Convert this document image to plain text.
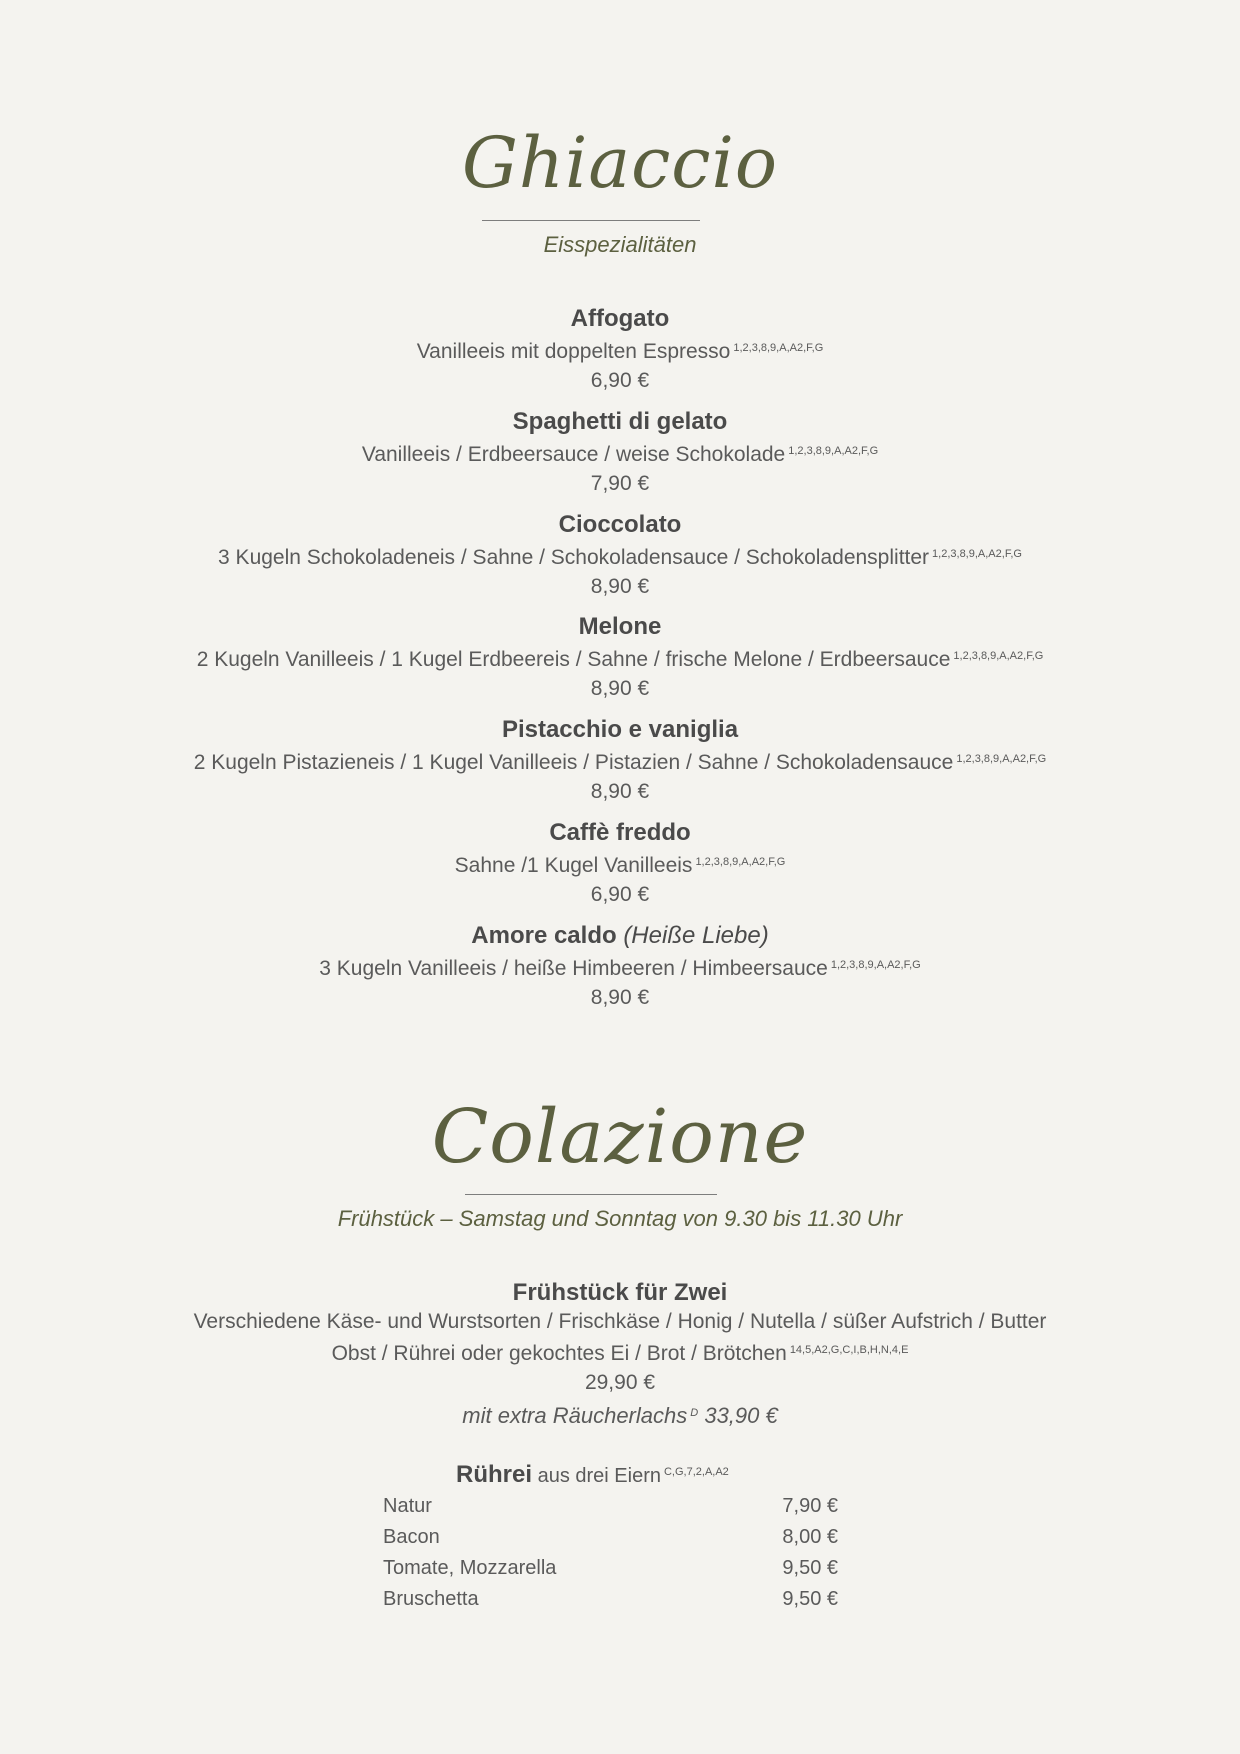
Ghiaccio
Eisspezialitäten
Affogato
Vanilleeis mit doppelten Espresso $^{1,2,3,8,9,A,A2,F,G}$
6,90 €
Spaghetti di gelato
Vanilleeis / Erdbeersauce / weise Schokolade $^{1,2,3,8,9,A,A2,F,G}$
7,90 €
Cioccolato
3 Kugeln Schokoladeneis / Sahne / Schokoladensauce / Schokoladensplitter $^{1,2,3,8,9,A,A2,F,G}$
8,90 €
Melone
2 Kugeln Vanilleeis / 1 Kugel Erdbeereis / Sahne / frische Melone / Erdbeersauce $^{1,2,3,8,9,A,A2,F,G}$
8,90 €
Pistacchio e vaniglia
2 Kugeln Pistazieneis / 1 Kugel Vanilleeis / Pistazien / Sahne / Schokoladensauce $^{1,2,3,8,9,A,A2,F,G}$
8,90 €
Caffè freddo
Sahne /1 Kugel Vanilleeis $^{1,2,3,8,9,A,A2,F,G}$
6,90 €
Amore caldo (Heiße Liebe)
3 Kugeln Vanilleeis / heiße Himbeeren / Himbeersauce $^{1,2,3,8,9,A,A2,F,G}$
8,90 €
Colazione
Frühstück – Samstag und Sonntag von 9.30 bis 11.30 Uhr
Frühstück für Zwei
Verschiedene Käse- und Wurstsorten / Frischkäse / Honig / Nutella / süßer Aufstrich / Butter
Obst / Rührei oder gekochtes Ei / Brot / Brötchen $^{14,5,A2,G,C,I,B,H,N,4,E}$
29,90 €
mit extra Räucherlachs $^D$ 33,90 €
Rührei aus drei Eiern $^{C,G,7,2,A,A2}$
Natur	7,90 €
Bacon	8,00 €
Tomate, Mozzarella	9,50 €
Bruschetta	9,50 €
